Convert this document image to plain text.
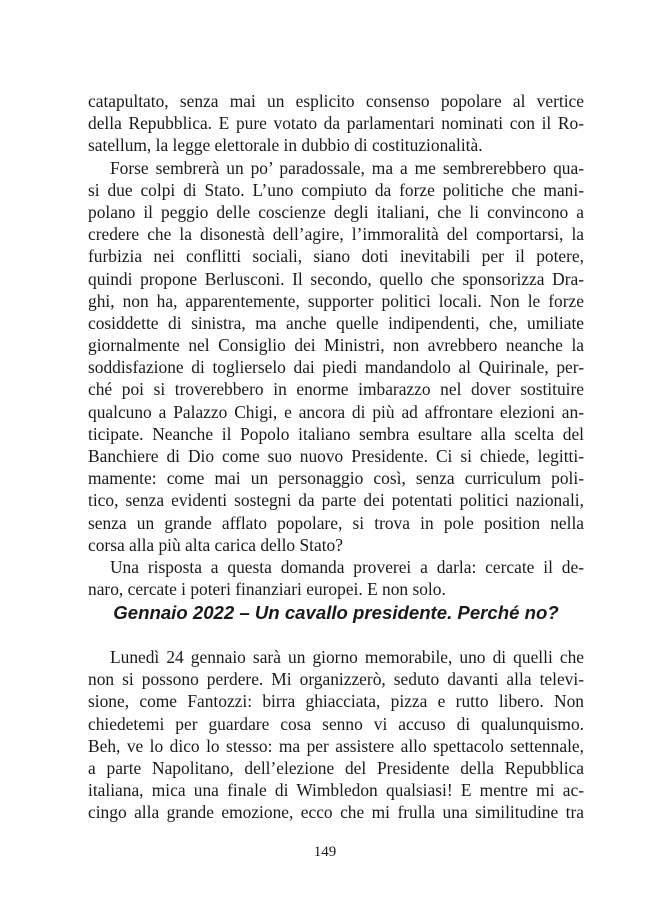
catapultato, senza mai un esplicito consenso popolare al vertice
della Repubblica. E pure votato da parlamentari nominati con il Ro-
satellum, la legge elettorale in dubbio di costituzionalità.
Forse sembrerà un po’ paradossale, ma a me sembrerebbero qua-
si due colpi di Stato. L’uno compiuto da forze politiche che mani-
polano il peggio delle coscienze degli italiani, che li convincono a
credere che la disonestà dell’agire, l’immoralità del comportarsi, la
furbizia nei conflitti sociali, siano doti inevitabili per il potere,
quindi propone Berlusconi. Il secondo, quello che sponsorizza Dra-
ghi, non ha, apparentemente, supporter politici locali. Non le forze
cosiddette di sinistra, ma anche quelle indipendenti, che, umiliate
giornalmente nel Consiglio dei Ministri, non avrebbero neanche la
soddisfazione di toglierselo dai piedi mandandolo al Quirinale, per-
ché poi si troverebbero in enorme imbarazzo nel dover sostituire
qualcuno a Palazzo Chigi, e ancora di più ad affrontare elezioni an-
ticipate. Neanche il Popolo italiano sembra esultare alla scelta del
Banchiere di Dio come suo nuovo Presidente. Ci si chiede, legitti-
mamente: come mai un personaggio così, senza curriculum poli-
tico, senza evidenti sostegni da parte dei potentati politici nazionali,
senza un grande afflato popolare, si trova in pole position nella
corsa alla più alta carica dello Stato?
Una risposta a questa domanda proverei a darla: cercate il de-
naro, cercate i poteri finanziari europei. E non solo.
Gennaio 2022 – Un cavallo presidente. Perché no?
Lunedì 24 gennaio sarà un giorno memorabile, uno di quelli che
non si possono perdere. Mi organizzerò, seduto davanti alla televi-
sione, come Fantozzi: birra ghiacciata, pizza e rutto libero. Non
chiedetemi per guardare cosa senno vi accuso di qualunquismo.
Beh, ve lo dico lo stesso: ma per assistere allo spettacolo settennale,
a parte Napolitano, dell’elezione del Presidente della Repubblica
italiana, mica una finale di Wimbledon qualsiasi! E mentre mi ac-
cingo alla grande emozione, ecco che mi frulla una similitudine tra
149
